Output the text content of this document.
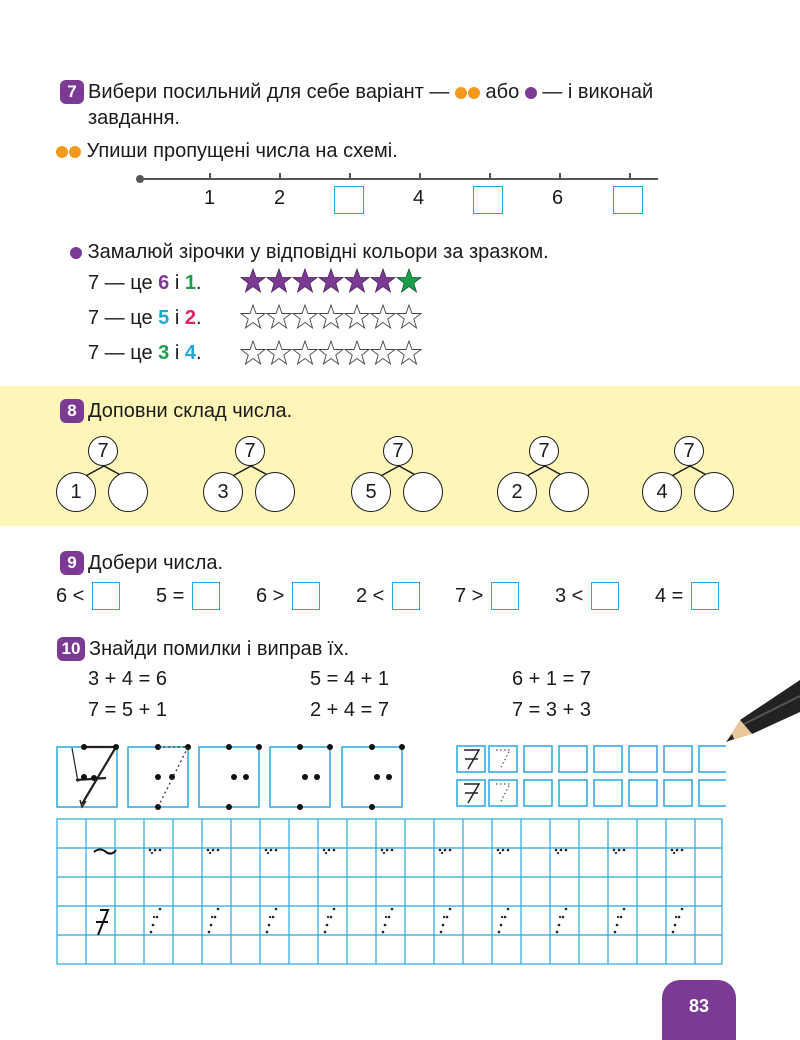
7 Вибери посильний для себе варіант — або — і виконай
завдання.
Упиши пропущені числа на схемі.
1	2	4	6
Замалюй зірочки у відповідні кольори за зразком.
7 — це 6 і 1.
7 — це 5 і 2.
7 — це 3 і 4.
8 Доповни склад числа.
7
1
7
3
7
5
7
2
7
4
9 Добери числа.
6 <	5 =	6 >	2 <	7 >	3 <	4 =
10 Знайди помилки і виправ їх.
3 + 4 = 6	5 = 4 + 1	6 + 1 = 7
7 = 5 + 1	2 + 4 = 7	7 = 3 + 3
83
